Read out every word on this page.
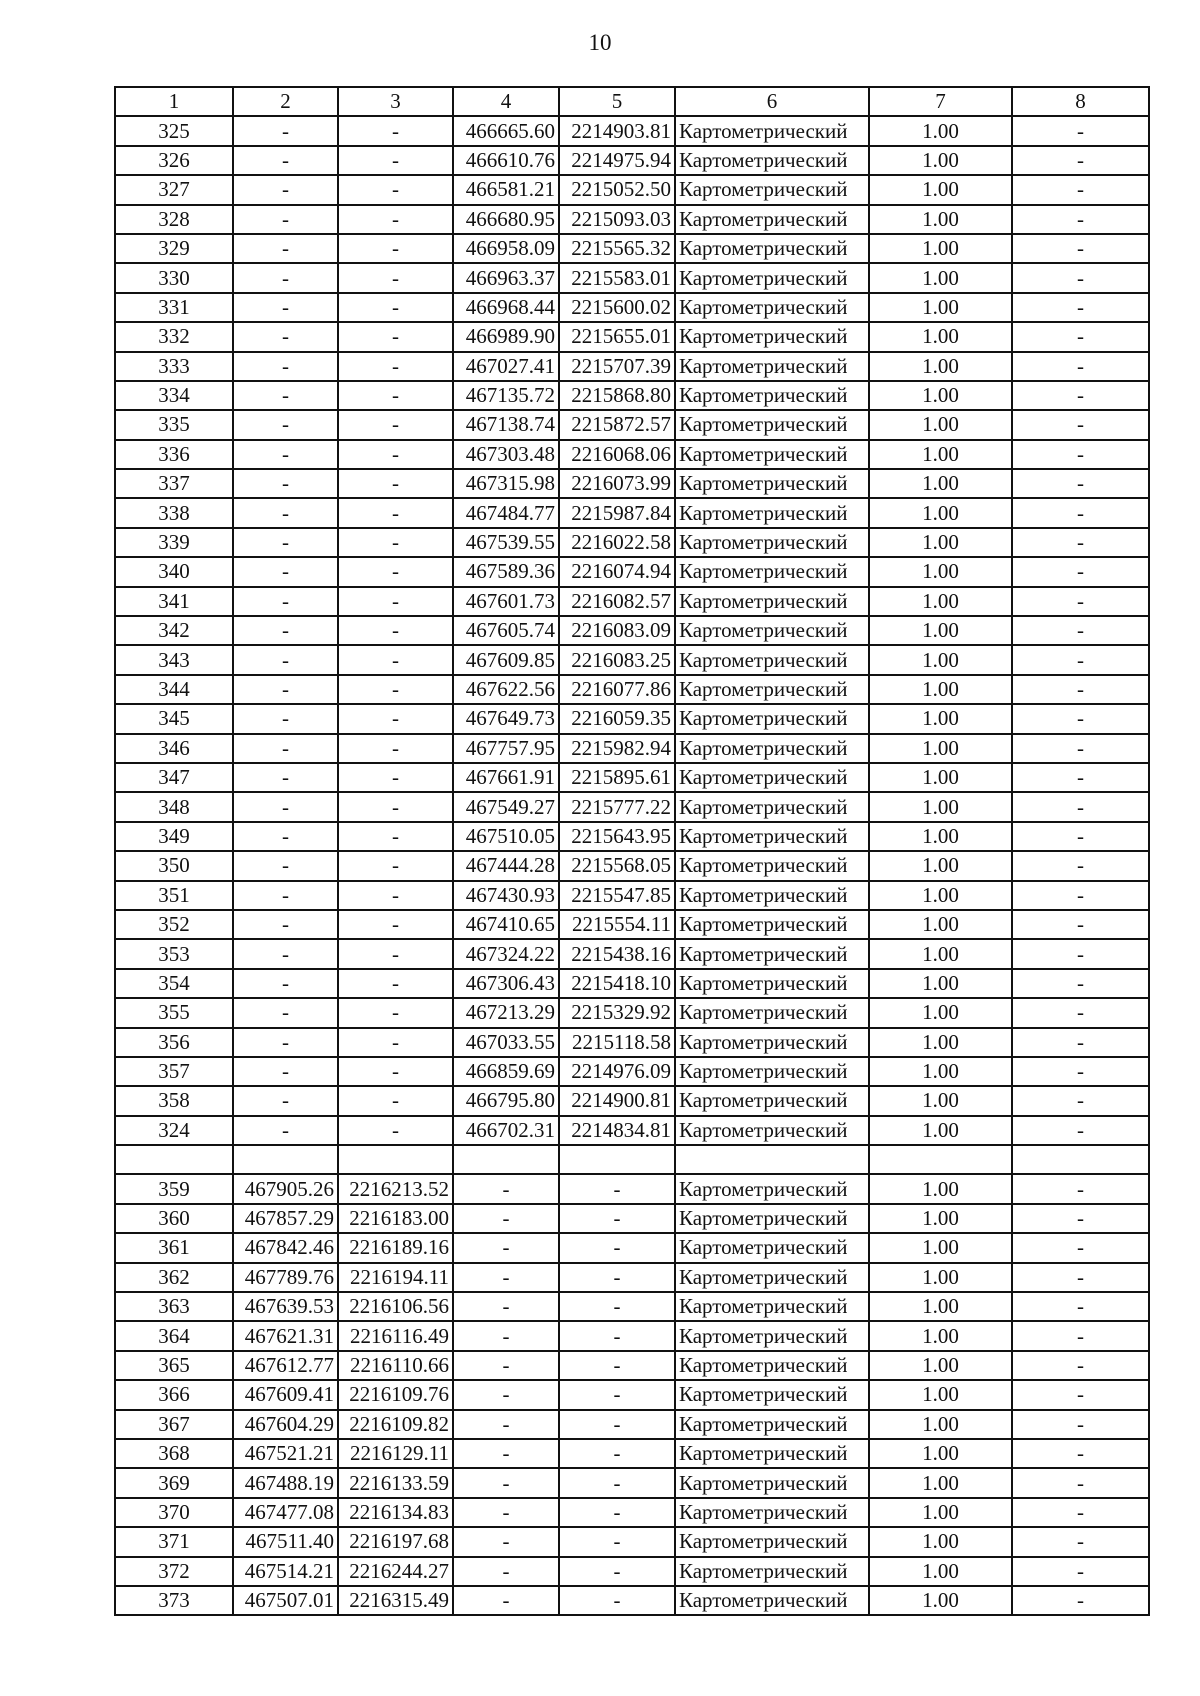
10
1	2	3	4	5	6	7	8
325	-	-	466665.60	2214903.81	Картометрический	1.00	-
326	-	-	466610.76	2214975.94	Картометрический	1.00	-
327	-	-	466581.21	2215052.50	Картометрический	1.00	-
328	-	-	466680.95	2215093.03	Картометрический	1.00	-
329	-	-	466958.09	2215565.32	Картометрический	1.00	-
330	-	-	466963.37	2215583.01	Картометрический	1.00	-
331	-	-	466968.44	2215600.02	Картометрический	1.00	-
332	-	-	466989.90	2215655.01	Картометрический	1.00	-
333	-	-	467027.41	2215707.39	Картометрический	1.00	-
334	-	-	467135.72	2215868.80	Картометрический	1.00	-
335	-	-	467138.74	2215872.57	Картометрический	1.00	-
336	-	-	467303.48	2216068.06	Картометрический	1.00	-
337	-	-	467315.98	2216073.99	Картометрический	1.00	-
338	-	-	467484.77	2215987.84	Картометрический	1.00	-
339	-	-	467539.55	2216022.58	Картометрический	1.00	-
340	-	-	467589.36	2216074.94	Картометрический	1.00	-
341	-	-	467601.73	2216082.57	Картометрический	1.00	-
342	-	-	467605.74	2216083.09	Картометрический	1.00	-
343	-	-	467609.85	2216083.25	Картометрический	1.00	-
344	-	-	467622.56	2216077.86	Картометрический	1.00	-
345	-	-	467649.73	2216059.35	Картометрический	1.00	-
346	-	-	467757.95	2215982.94	Картометрический	1.00	-
347	-	-	467661.91	2215895.61	Картометрический	1.00	-
348	-	-	467549.27	2215777.22	Картометрический	1.00	-
349	-	-	467510.05	2215643.95	Картометрический	1.00	-
350	-	-	467444.28	2215568.05	Картометрический	1.00	-
351	-	-	467430.93	2215547.85	Картометрический	1.00	-
352	-	-	467410.65	2215554.11	Картометрический	1.00	-
353	-	-	467324.22	2215438.16	Картометрический	1.00	-
354	-	-	467306.43	2215418.10	Картометрический	1.00	-
355	-	-	467213.29	2215329.92	Картометрический	1.00	-
356	-	-	467033.55	2215118.58	Картометрический	1.00	-
357	-	-	466859.69	2214976.09	Картометрический	1.00	-
358	-	-	466795.80	2214900.81	Картометрический	1.00	-
324	-	-	466702.31	2214834.81	Картометрический	1.00	-

359	467905.26	2216213.52	-	-	Картометрический	1.00	-
360	467857.29	2216183.00	-	-	Картометрический	1.00	-
361	467842.46	2216189.16	-	-	Картометрический	1.00	-
362	467789.76	2216194.11	-	-	Картометрический	1.00	-
363	467639.53	2216106.56	-	-	Картометрический	1.00	-
364	467621.31	2216116.49	-	-	Картометрический	1.00	-
365	467612.77	2216110.66	-	-	Картометрический	1.00	-
366	467609.41	2216109.76	-	-	Картометрический	1.00	-
367	467604.29	2216109.82	-	-	Картометрический	1.00	-
368	467521.21	2216129.11	-	-	Картометрический	1.00	-
369	467488.19	2216133.59	-	-	Картометрический	1.00	-
370	467477.08	2216134.83	-	-	Картометрический	1.00	-
371	467511.40	2216197.68	-	-	Картометрический	1.00	-
372	467514.21	2216244.27	-	-	Картометрический	1.00	-
373	467507.01	2216315.49	-	-	Картометрический	1.00	-
